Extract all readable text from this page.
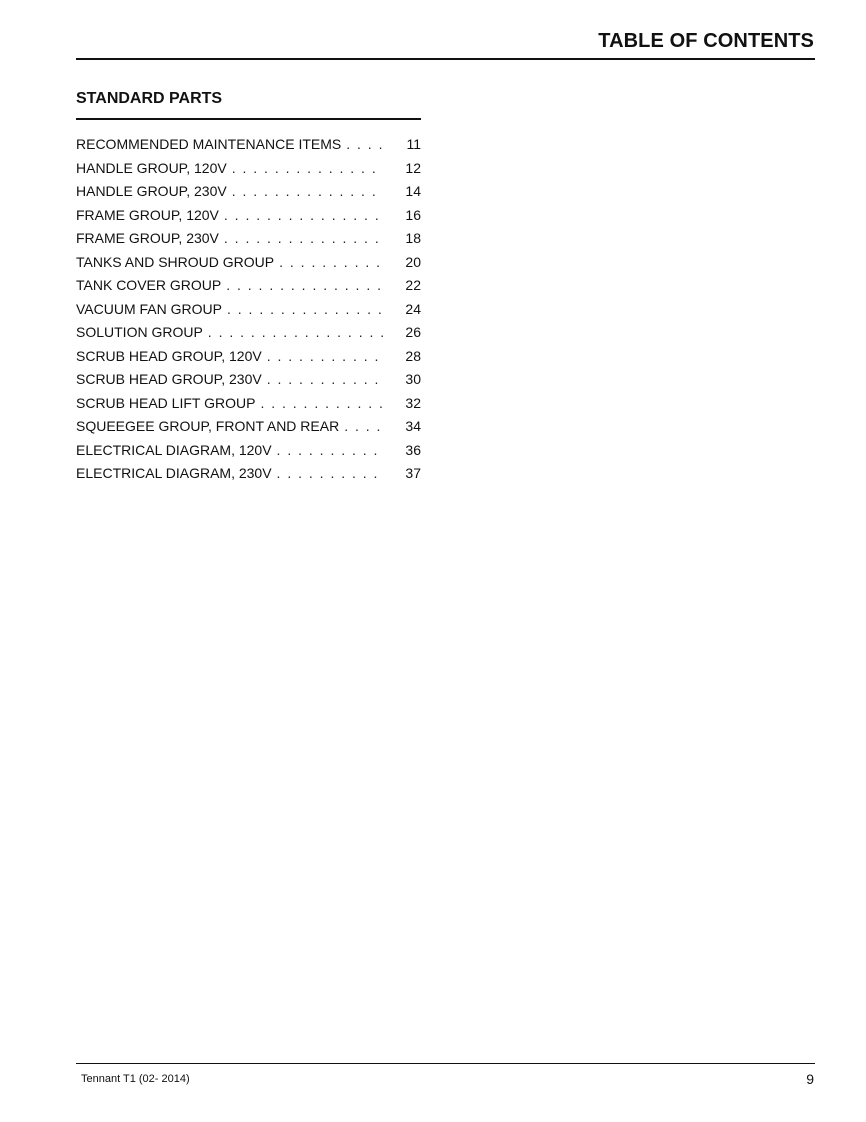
TABLE OF CONTENTS
STANDARD PARTS
RECOMMENDED MAINTENANCE ITEMS . . .	11
HANDLE GROUP, 120V . . .	12
HANDLE GROUP, 230V . . .	14
FRAME GROUP, 120V . . .	16
FRAME GROUP, 230V . . .	18
TANKS AND SHROUD GROUP . . .	20
TANK COVER GROUP . . .	22
VACUUM FAN GROUP . . .	24
SOLUTION GROUP . . .	26
SCRUB HEAD GROUP, 120V . . .	28
SCRUB HEAD GROUP, 230V . . .	30
SCRUB HEAD LIFT GROUP . . .	32
SQUEEGEE GROUP, FRONT AND REAR . . .	34
ELECTRICAL DIAGRAM, 120V . . .	36
ELECTRICAL DIAGRAM, 230V . . .	37
Tennant T1 (02- 2014)	9
